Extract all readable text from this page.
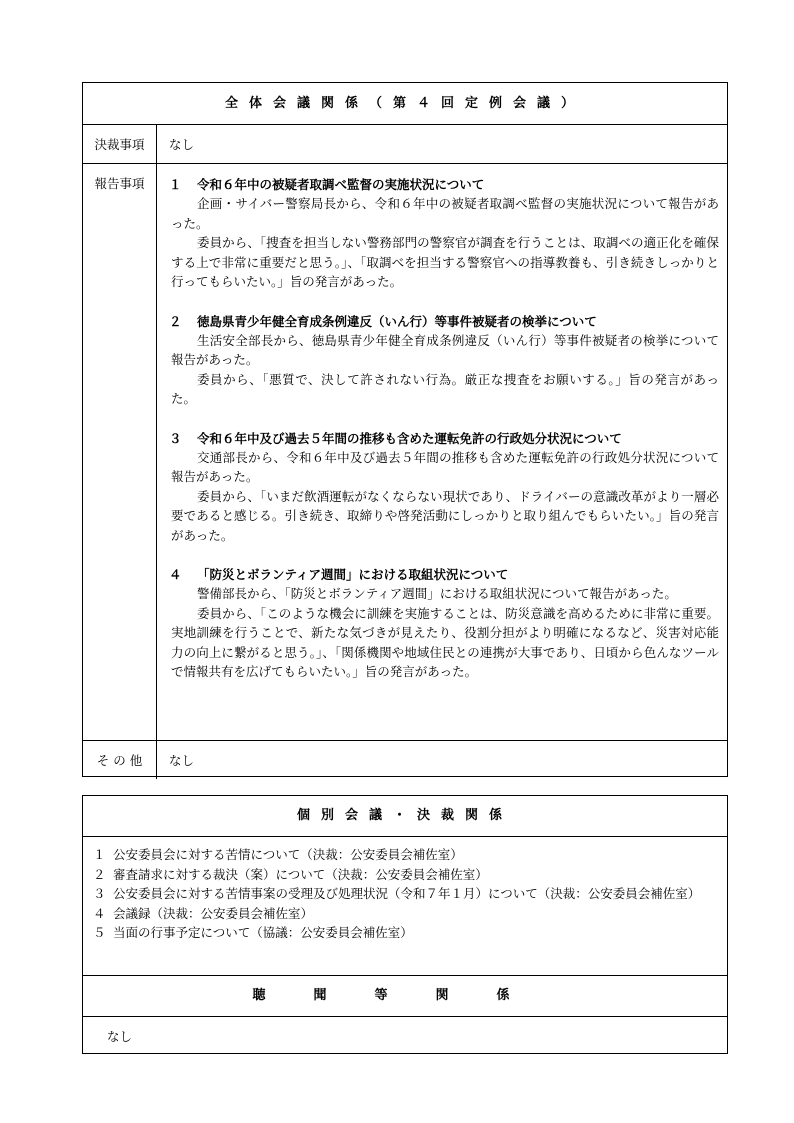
全体会議関係（第４回定例会議）
決裁事項	なし
報告事項	１ 令和６年中の被疑者取調べ監督の実施状況について
企画・サイバー警察局長から、令和６年中の被疑者取調べ監督の実施状況について報告があった。
委員から、「捜査を担当しない警務部門の警察官が調査を行うことは、取調べの適正化を確保する上で非常に重要だと思う。」、「取調べを担当する警察官への指導教養も、引き続きしっかりと行ってもらいたい。」旨の発言があった。
２ 徳島県青少年健全育成条例違反（いん行）等事件被疑者の検挙について
生活安全部長から、徳島県青少年健全育成条例違反（いん行）等事件被疑者の検挙について報告があった。
委員から、「悪質で、決して許されない行為。厳正な捜査をお願いする。」旨の発言があった。
３ 令和６年中及び過去５年間の推移も含めた運転免許の行政処分状況について
交通部長から、令和６年中及び過去５年間の推移も含めた運転免許の行政処分状況について報告があった。
委員から、「いまだ飲酒運転がなくならない現状であり、ドライバーの意識改革がより一層必要であると感じる。引き続き、取締りや啓発活動にしっかりと取り組んでもらいたい。」旨の発言があった。
４ 「防災とボランティア週間」における取組状況について
警備部長から、「防災とボランティア週間」における取組状況について報告があった。
委員から、「このような機会に訓練を実施することは、防災意識を高めるために非常に重要。実地訓練を行うことで、新たな気づきが見えたり、役割分担がより明確になるなど、災害対応能力の向上に繋がると思う。」、「関係機関や地域住民との連携が大事であり、日頃から色んなツールで情報共有を広げてもらいたい。」旨の発言があった。
そ の 他	なし
個別会議・決裁関係
１ 公安委員会に対する苦情について（決裁：公安委員会補佐室）
２ 審査請求に対する裁決（案）について（決裁：公安委員会補佐室）
３ 公安委員会に対する苦情事案の受理及び処理状況（令和７年１月）について（決裁：公安委員会補佐室）
４ 会議録（決裁：公安委員会補佐室）
５ 当面の行事予定について（協議：公安委員会補佐室）
聴聞等関係
なし
